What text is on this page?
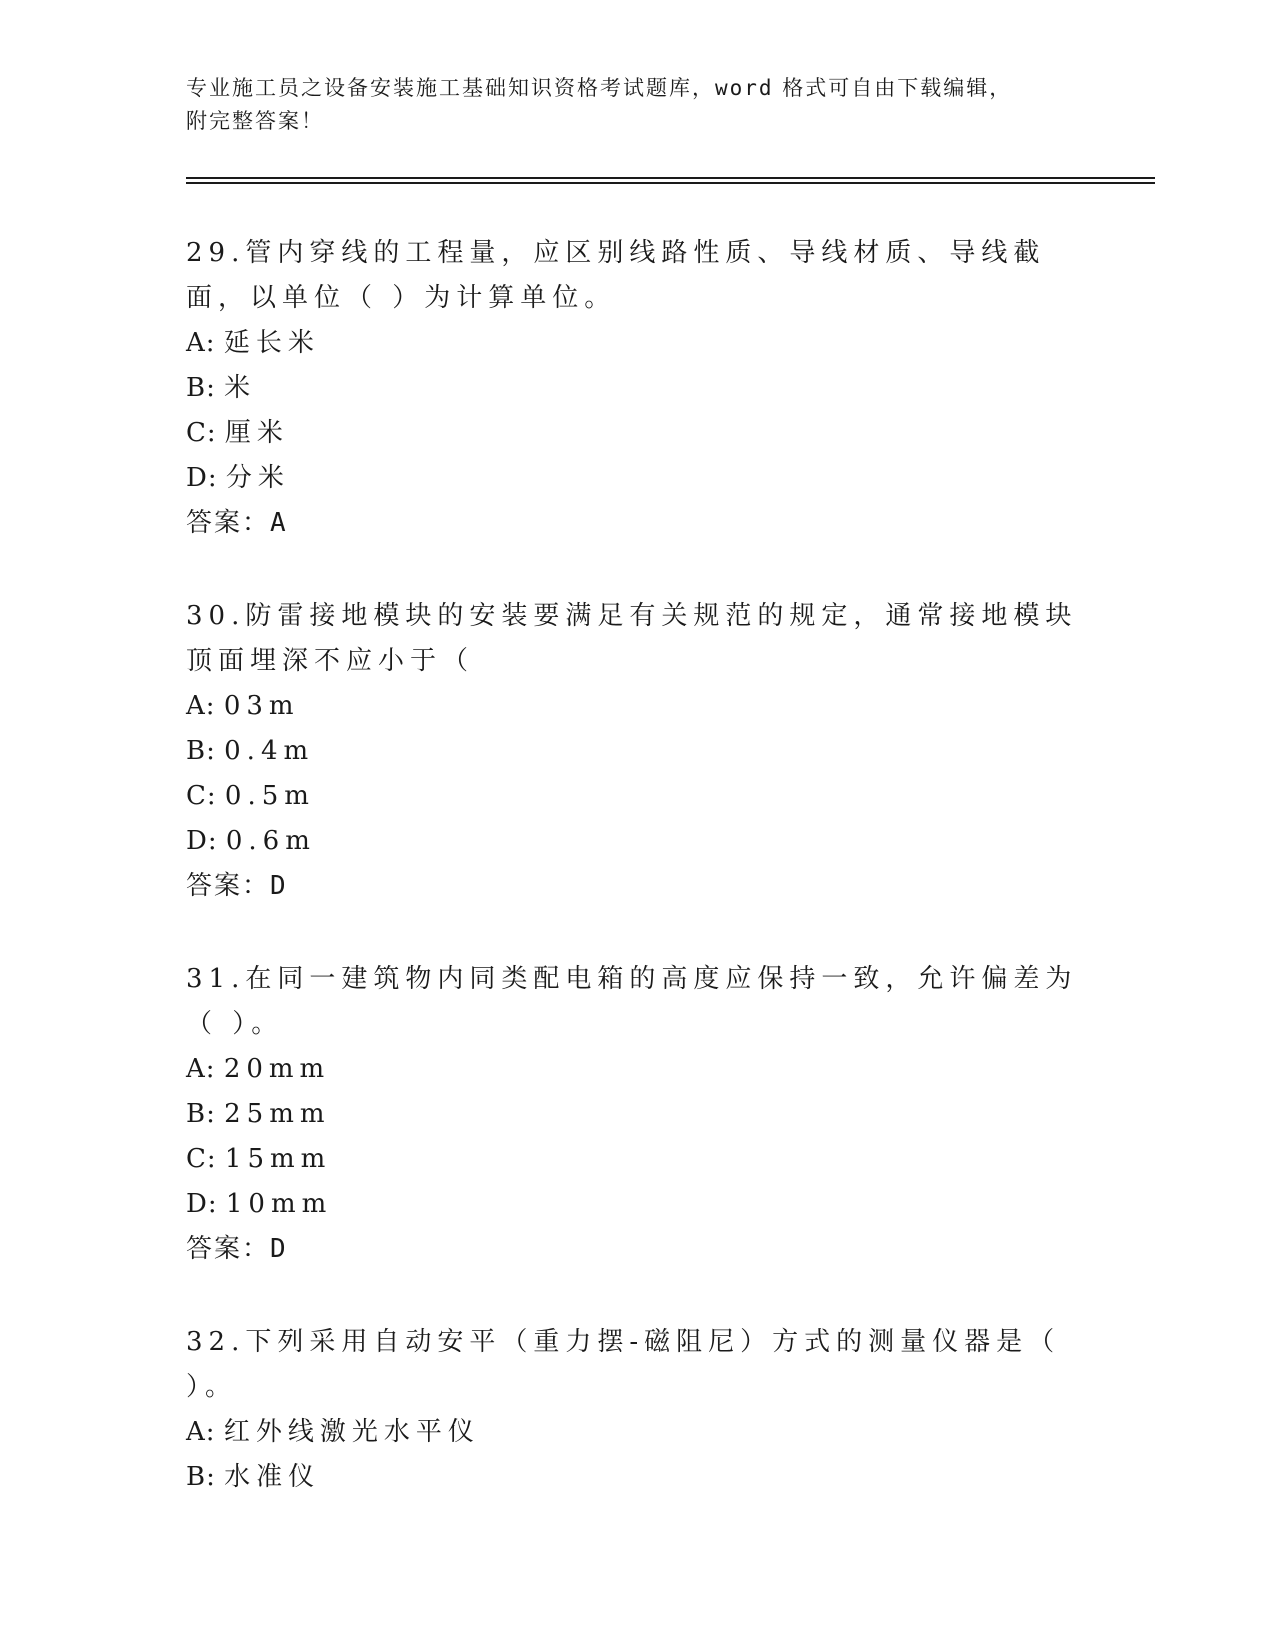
专业施工员之设备安装施工基础知识资格考试题库，word 格式可自由下载编辑，
附完整答案！
29.管内穿线的工程量，应区别线路性质、导线材质、导线截面，以单位（ ）为计算单位。
A: 延长米
B: 米
C: 厘米
D: 分米
答案：A
30.防雷接地模块的安装要满足有关规范的规定，通常接地模块顶面埋深不应小于（
A: 03m
B: 0.4m
C: 0.5m
D: 0.6m
答案：D
31.在同一建筑物内同类配电箱的高度应保持一致，允许偏差为（ ）。
A: 20mm
B: 25mm
C: 15mm
D: 10mm
答案：D
32.下列采用自动安平（重力摆-磁阻尼）方式的测量仪器是（ ）。
A: 红外线激光水平仪
B: 水准仪
